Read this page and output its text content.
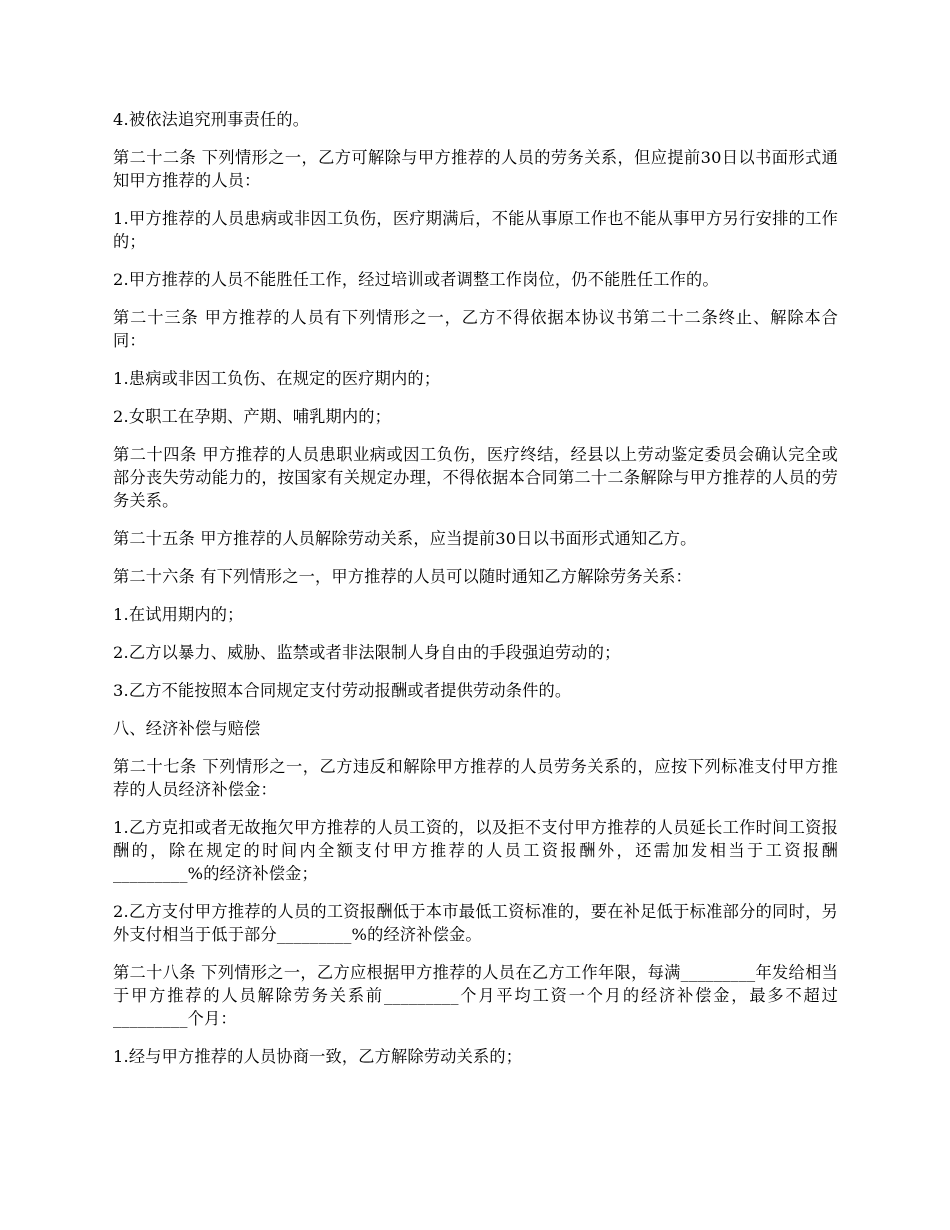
4.被依法追究刑事责任的。

第二十二条 下列情形之一，乙方可解除与甲方推荐的人员的劳务关系，但应提前30日以书面形式通知甲方推荐的人员：

1.甲方推荐的人员患病或非因工负伤，医疗期满后，不能从事原工作也不能从事甲方另行安排的工作的；

2.甲方推荐的人员不能胜任工作，经过培训或者调整工作岗位，仍不能胜任工作的。

第二十三条 甲方推荐的人员有下列情形之一，乙方不得依据本协议书第二十二条终止、解除本合同：

1.患病或非因工负伤、在规定的医疗期内的；

2.女职工在孕期、产期、哺乳期内的；

第二十四条 甲方推荐的人员患职业病或因工负伤，医疗终结，经县以上劳动鉴定委员会确认完全或部分丧失劳动能力的，按国家有关规定办理，不得依据本合同第二十二条解除与甲方推荐的人员的劳务关系。

第二十五条 甲方推荐的人员解除劳动关系，应当提前30日以书面形式通知乙方。

第二十六条 有下列情形之一，甲方推荐的人员可以随时通知乙方解除劳务关系：

1.在试用期内的；

2.乙方以暴力、威胁、监禁或者非法限制人身自由的手段强迫劳动的；

3.乙方不能按照本合同规定支付劳动报酬或者提供劳动条件的。

八、经济补偿与赔偿

第二十七条 下列情形之一，乙方违反和解除甲方推荐的人员劳务关系的，应按下列标准支付甲方推荐的人员经济补偿金：

1.乙方克扣或者无故拖欠甲方推荐的人员工资的，以及拒不支付甲方推荐的人员延长工作时间工资报酬的，除在规定的时间内全额支付甲方推荐的人员工资报酬外，还需加发相当于工资报酬_________%的经济补偿金；

2.乙方支付甲方推荐的人员的工资报酬低于本市最低工资标准的，要在补足低于标准部分的同时，另外支付相当于低于部分_________%的经济补偿金。

第二十八条 下列情形之一，乙方应根据甲方推荐的人员在乙方工作年限，每满_________年发给相当于甲方推荐的人员解除劳务关系前_________个月平均工资一个月的经济补偿金，最多不超过_________个月：

1.经与甲方推荐的人员协商一致，乙方解除劳动关系的；
